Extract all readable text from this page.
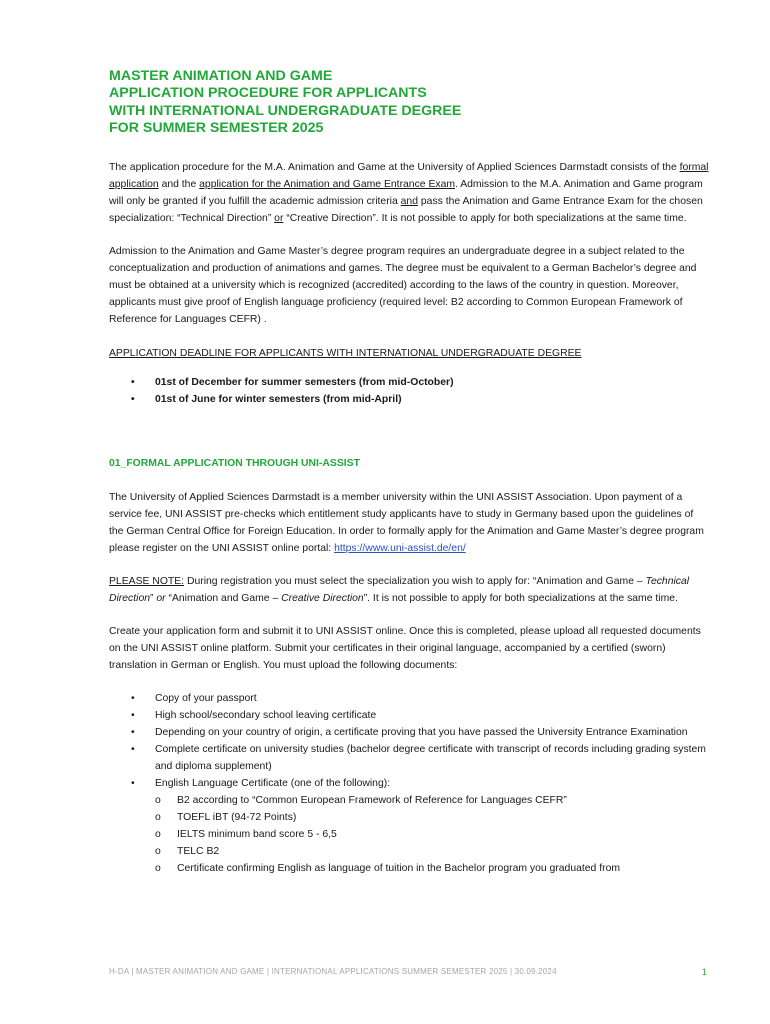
MASTER ANIMATION AND GAME
APPLICATION PROCEDURE FOR APPLICANTS
WITH INTERNATIONAL UNDERGRADUATE DEGREE
FOR SUMMER SEMESTER 2025

The application procedure for the M.A. Animation and Game at the University of Applied Sciences Darmstadt consists of the formal application and the application for the Animation and Game Entrance Exam. Admission to the M.A. Animation and Game program will only be granted if you fulfill the academic admission criteria and pass the Animation and Game Entrance Exam for the chosen specialization: “Technical Direction” or “Creative Direction”. It is not possible to apply for both specializations at the same time.

Admission to the Animation and Game Master’s degree program requires an undergraduate degree in a subject related to the conceptualization and production of animations and games. The degree must be equivalent to a German Bachelor’s degree and must be obtained at a university which is recognized (accredited) according to the laws of the country in question. Moreover, applicants must give proof of English language proficiency (required level: B2 according to Common European Framework of Reference for Languages CEFR) .

APPLICATION DEADLINE FOR APPLICANTS WITH INTERNATIONAL UNDERGRADUATE DEGREE

• 01st of December for summer semesters (from mid-October)
• 01st of June for winter semesters (from mid-April)
01_FORMAL APPLICATION THROUGH UNI-ASSIST

The University of Applied Sciences Darmstadt is a member university within the UNI ASSIST Association. Upon payment of a service fee, UNI ASSIST pre-checks which entitlement study applicants have to study in Germany based upon the guidelines of the German Central Office for Foreign Education. In order to formally apply for the Animation and Game Master’s degree program please register on the UNI ASSIST online portal: https://www.uni-assist.de/en/

PLEASE NOTE: During registration you must select the specialization you wish to apply for: “Animation and Game – Technical Direction” or “Animation and Game – Creative Direction”. It is not possible to apply for both specializations at the same time.

Create your application form and submit it to UNI ASSIST online. Once this is completed, please upload all requested documents on the UNI ASSIST online platform. Submit your certificates in their original language, accompanied by a certified (sworn) translation in German or English. You must upload the following documents:

• Copy of your passport
• High school/secondary school leaving certificate
• Depending on your country of origin, a certificate proving that you have passed the University Entrance Examination
• Complete certificate on university studies (bachelor degree certificate with transcript of records including grading system and diploma supplement)
• English Language Certificate (one of the following):
o B2 according to “Common European Framework of Reference for Languages CEFR”
o TOEFL iBT (94-72 Points)
o IELTS minimum band score 5 - 6,5
o TELC B2
o Certificate confirming English as language of tuition in the Bachelor program you graduated from
H-DA | MASTER ANIMATION AND GAME | INTERNATIONAL APPLICATIONS SUMMER SEMESTER 2025 | 30.09.2024	1
